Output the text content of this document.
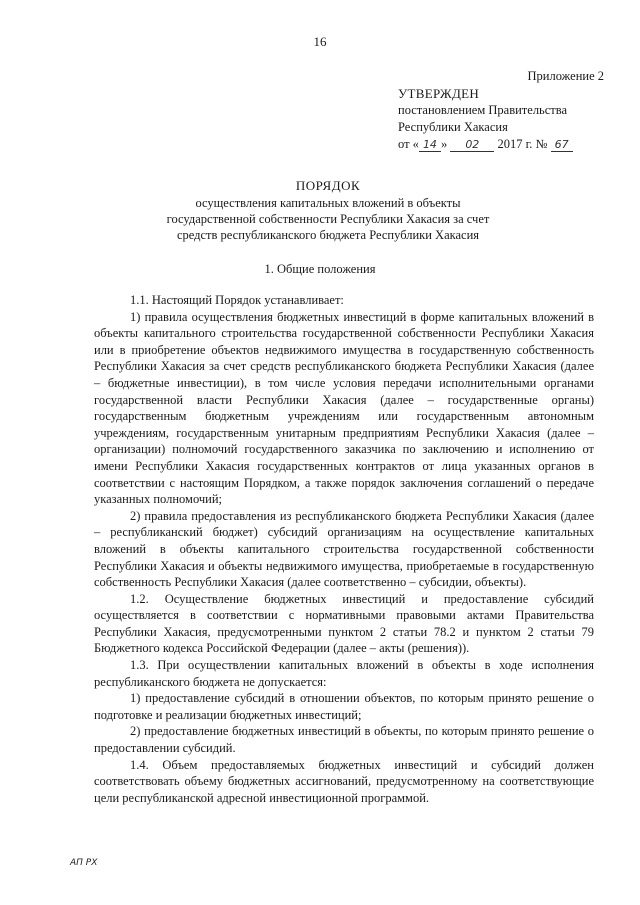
16
Приложение 2
УТВЕРЖДЕН
постановлением Правительства
Республики Хакасия
от « 14 » 02 2017 г. № 67
ПОРЯДОК
осуществления капитальных вложений в объекты
государственной собственности Республики Хакасия за счет
средств республиканского бюджета Республики Хакасия
1. Общие положения

1.1. Настоящий Порядок устанавливает:

1) правила осуществления бюджетных инвестиций в форме капитальных вложений в объекты капитального строительства государственной собственности Республики Хакасия или в приобретение объектов недвижимого имущества в государственную собственность Республики Хакасия за счет средств республиканского бюджета Республики Хакасия (далее – бюджетные инвестиции), в том числе условия передачи исполнительными органами государственной власти Республики Хакасия (далее – государственные органы) государственным бюджетным учреждениям или государственным автономным учреждениям, государственным унитарным предприятиям Республики Хакасия (далее – организации) полномочий государственного заказчика по заключению и исполнению от имени Республики Хакасия государственных контрактов от лица указанных органов в соответствии с настоящим Порядком, а также порядок заключения соглашений о передаче указанных полномочий;

2) правила предоставления из республиканского бюджета Республики Хакасия (далее – республиканский бюджет) субсидий организациям на осуществление капитальных вложений в объекты капитального строительства государственной собственности Республики Хакасия и объекты недвижимого имущества, приобретаемые в государственную собственность Республики Хакасия (далее соответственно – субсидии, объекты).

1.2. Осуществление бюджетных инвестиций и предоставление субсидий осуществляется в соответствии с нормативными правовыми актами Правительства Республики Хакасия, предусмотренными пунктом 2 статьи 78.2 и пунктом 2 статьи 79 Бюджетного кодекса Российской Федерации (далее – акты (решения)).

1.3. При осуществлении капитальных вложений в объекты в ходе исполнения республиканского бюджета не допускается:

1) предоставление субсидий в отношении объектов, по которым принято решение о подготовке и реализации бюджетных инвестиций;

2) предоставление бюджетных инвестиций в объекты, по которым принято решение о предоставлении субсидий.

1.4. Объем предоставляемых бюджетных инвестиций и субсидий должен соответствовать объему бюджетных ассигнований, предусмотренному на соответствующие цели республиканской адресной инвестиционной программой.

АП РХ
